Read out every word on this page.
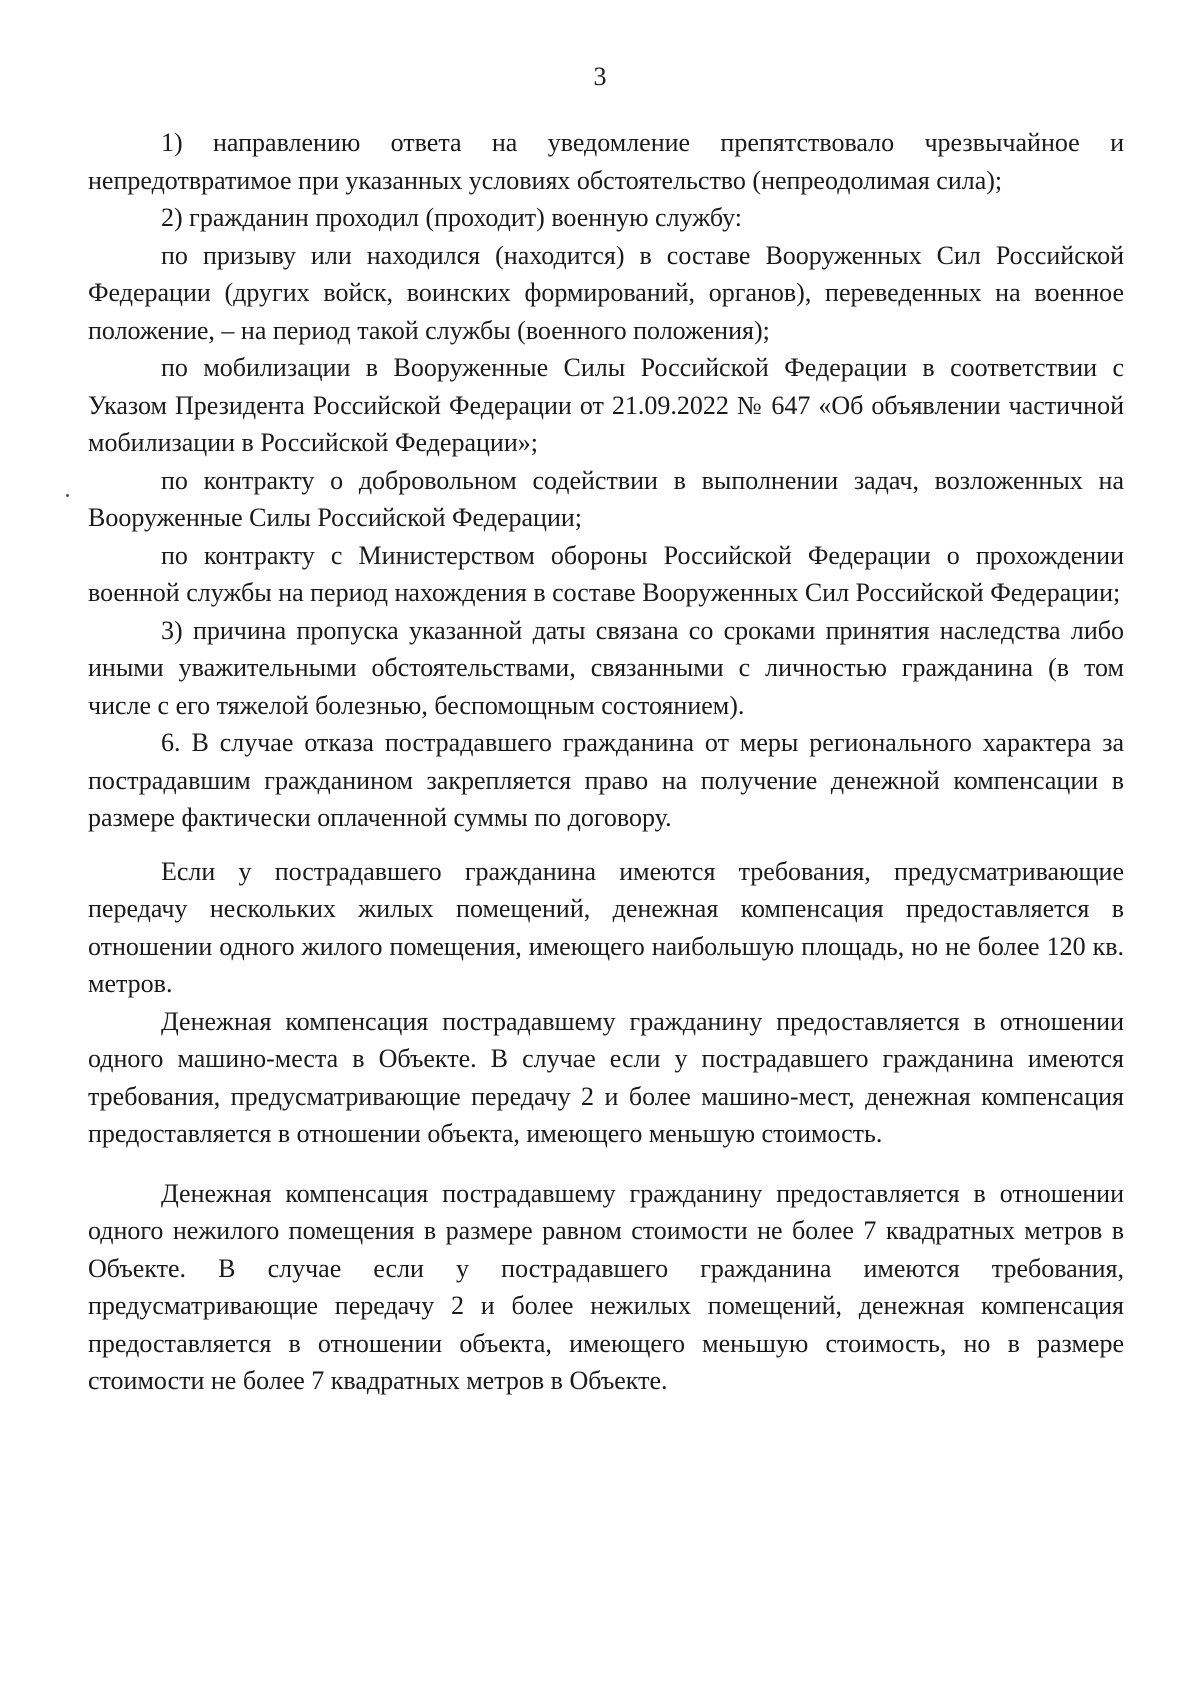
3

1) направлению ответа на уведомление препятствовало чрезвычайное и непредотвратимое при указанных условиях обстоятельство (непреодолимая сила);

2) гражданин проходил (проходит) военную службу:

по призыву или находился (находится) в составе Вооруженных Сил Российской Федерации (других войск, воинских формирований, органов), переведенных на военное положение, – на период такой службы (военного положения);

по мобилизации в Вооруженные Силы Российской Федерации в соответствии с Указом Президента Российской Федерации от 21.09.2022 № 647 «Об объявлении частичной мобилизации в Российской Федерации»;

по контракту о добровольном содействии в выполнении задач, возложенных на Вооруженные Силы Российской Федерации;

по контракту с Министерством обороны Российской Федерации о прохождении военной службы на период нахождения в составе Вооруженных Сил Российской Федерации;

3) причина пропуска указанной даты связана со сроками принятия наследства либо иными уважительными обстоятельствами, связанными с личностью гражданина (в том числе с его тяжелой болезнью, беспомощным состоянием).

6. В случае отказа пострадавшего гражданина от меры регионального характера за пострадавшим гражданином закрепляется право на получение денежной компенсации в размере фактически оплаченной суммы по договору.

Если у пострадавшего гражданина имеются требования, предусматривающие передачу нескольких жилых помещений, денежная компенсация предоставляется в отношении одного жилого помещения, имеющего наибольшую площадь, но не более 120 кв. метров.

Денежная компенсация пострадавшему гражданину предоставляется в отношении одного машино-места в Объекте. В случае если у пострадавшего гражданина имеются требования, предусматривающие передачу 2 и более машино-мест, денежная компенсация предоставляется в отношении объекта, имеющего меньшую стоимость.

Денежная компенсация пострадавшему гражданину предоставляется в отношении одного нежилого помещения в размере равном стоимости не более 7 квадратных метров в Объекте. В случае если у пострадавшего гражданина имеются требования, предусматривающие передачу 2 и более нежилых помещений, денежная компенсация предоставляется в отношении объекта, имеющего меньшую стоимость, но в размере стоимости не более 7 квадратных метров в Объекте.
